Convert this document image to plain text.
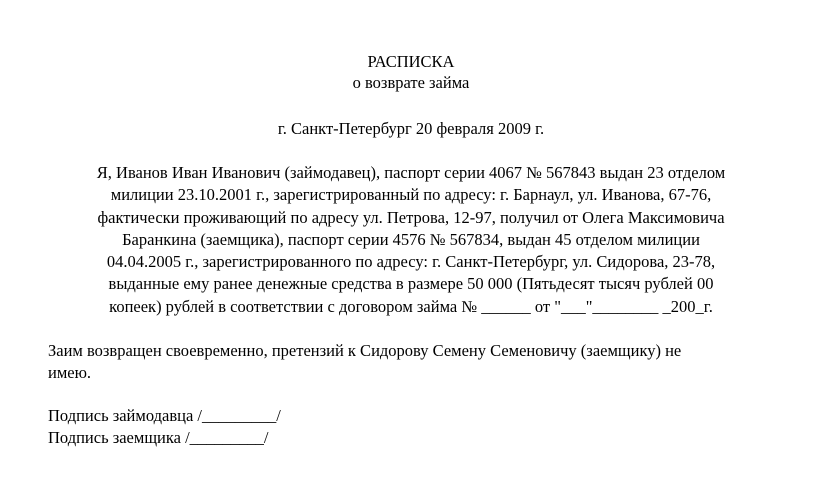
РАСПИСКА
о возврате займа
г. Санкт-Петербург 20 февраля 2009 г.
Я, Иванов Иван Иванович (займодавец), паспорт серии 4067 № 567843 выдан 23 отделом
милиции 23.10.2001 г., зарегистрированный по адресу: г. Барнаул, ул. Иванова, 67-76,
фактически проживающий по адресу ул. Петрова, 12-97, получил от Олега Максимовича
Баранкина (заемщика), паспорт серии 4576 № 567834, выдан 45 отделом милиции
04.04.2005 г., зарегистрированного по адресу: г. Санкт-Петербург, ул. Сидорова, 23-78,
выданные ему ранее денежные средства в размере 50 000 (Пятьдесят тысяч рублей 00
копеек) рублей в соответствии с договором займа № ______ от "___"________ _200_г.
Заим возвращен своевременно, претензий к Сидорову Семену Семеновичу (заемщику) не
имею.
Подпись займодавца /_________/
Подпись заемщика /_________/
